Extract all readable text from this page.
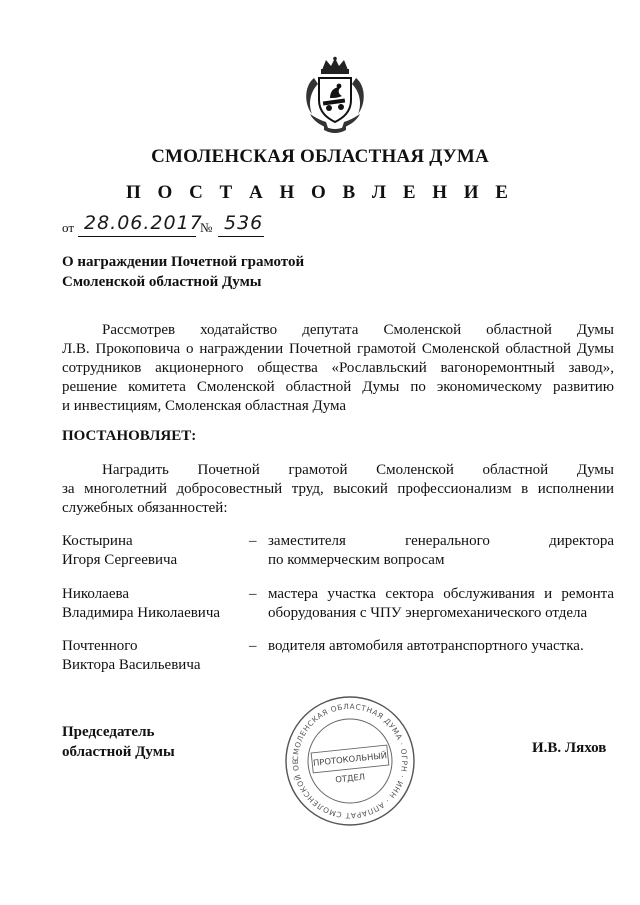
СМОЛЕНСКАЯ ОБЛАСТНАЯ ДУМА
П О С Т А Н О В Л Е Н И Е
от 28.06.2017
№ 536
О награждении Почетной грамотой
Смоленской областной Думы
Рассмотрев ходатайство депутата Смоленской областной Думы
Л.В. Прокоповича о награждении Почетной грамотой Смоленской областной Думы
сотрудников акционерного общества «Рославльский вагоноремонтный завод»,
решение комитета Смоленской областной Думы по экономическому развитию
и инвестициям, Смоленская областная Дума
ПОСТАНОВЛЯЕТ:
Наградить Почетной грамотой Смоленской областной Думы
за многолетний добросовестный труд, высокий профессионализм в исполнении
служебных обязанностей:
Костырина
Игоря Сергеевича
– заместителя генерального директора
по коммерческим вопросам
Николаева
Владимира Николаевича
– мастера участка сектора обслуживания и ремонта
оборудования с ЧПУ энергомеханического отдела
Почтенного
Виктора Васильевича
– водителя автомобиля автотранспортного участка.
Председатель
областной Думы	И.В. Ляхов
СМОЛЕНСКАЯ ОБЛАСТНАЯ ДУМА · ОГРН · ИНН · АППАРАТ СМОЛЕНСКОЙ ОБ	ПРОТОКОЛЬНЫЙ
ОТДЕЛ
